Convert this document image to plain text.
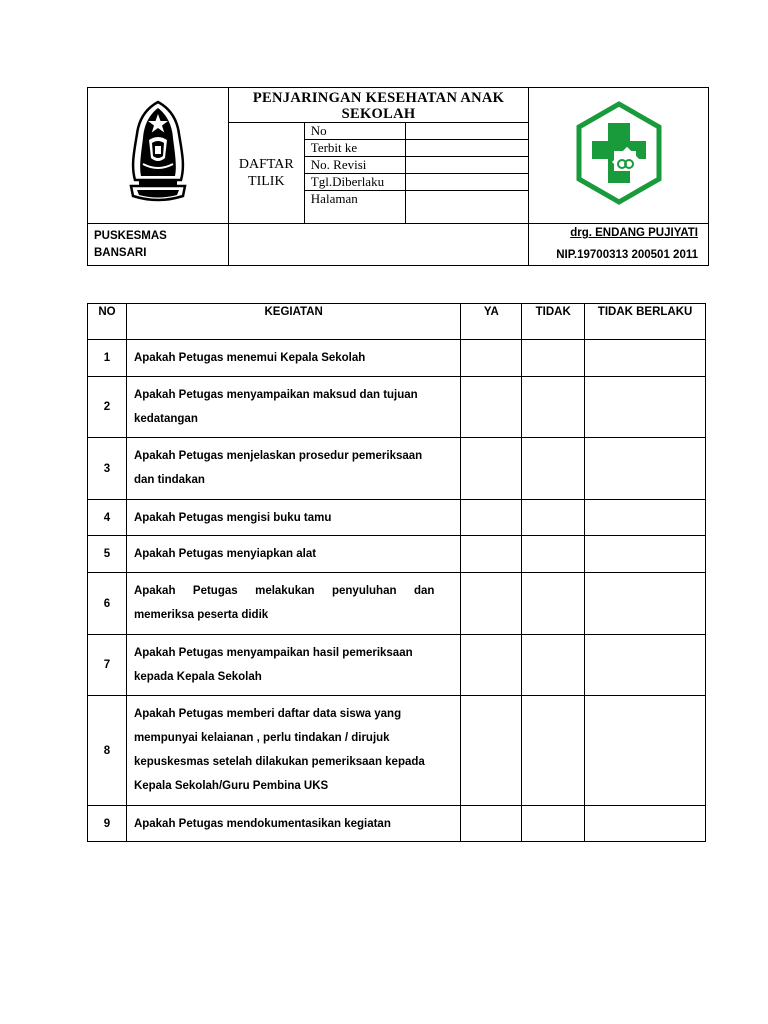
	PENJARINGAN KESEHATAN ANAK SEKOLAH	

	DAFTAR TILIK	No		
		Terbit ke		
		No. Revisi		
		Tgl.Diberlaku		
		Halaman		

PUSKESMAS BANSARI				drg. ENDANG PUJIYATI
NIP.19700313 200501 2011
NO	KEGIATAN	YA	TIDAK	TIDAK BERLAKU
1	Apakah Petugas menemui Kepala Sekolah			
2	Apakah Petugas menyampaikan maksud dan tujuan kedatangan			
3	Apakah Petugas menjelaskan prosedur pemeriksaan dan tindakan			
4	Apakah Petugas mengisi buku tamu			
5	Apakah Petugas menyiapkan alat			
6	Apakah Petugas melakukan penyuluhan dan memeriksa peserta didik			
7	Apakah Petugas menyampaikan hasil pemeriksaan kepada Kepala Sekolah			
8	Apakah Petugas memberi daftar data siswa yang mempunyai kelaianan , perlu tindakan / dirujuk kepuskesmas setelah dilakukan pemeriksaan kepada Kepala Sekolah/Guru Pembina UKS			
9	Apakah Petugas mendokumentasikan kegiatan			
